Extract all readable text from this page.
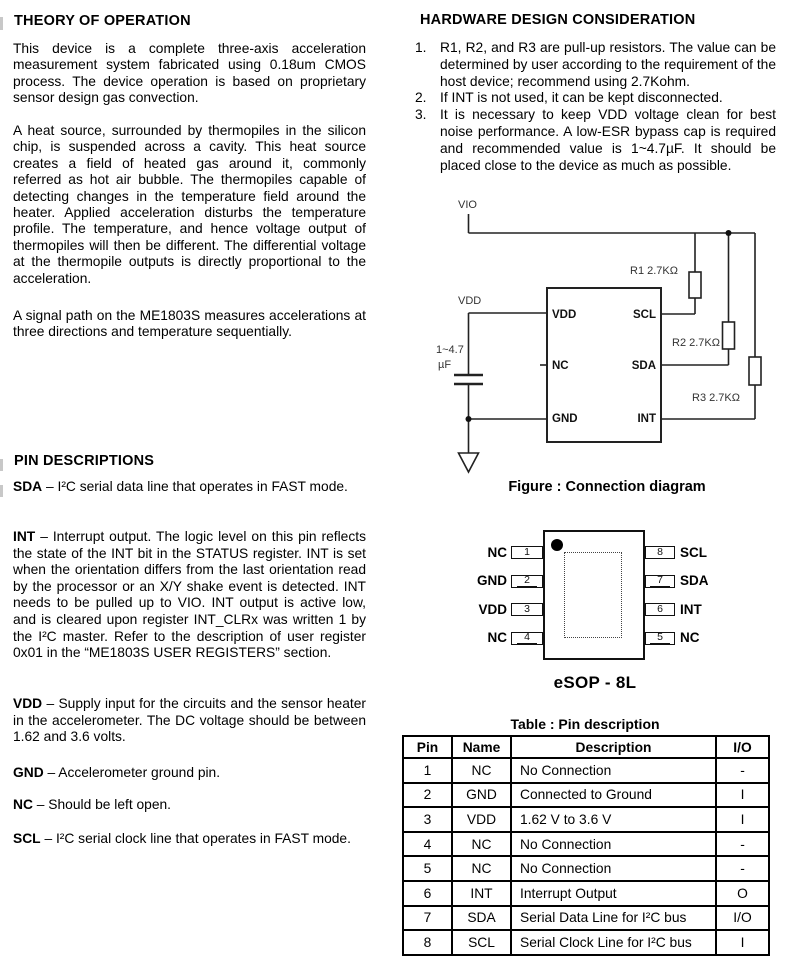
THEORY OF OPERATION

This device is a complete three-axis acceleration measurement system fabricated using 0.18um CMOS process. The device operation is based on proprietary sensor design gas convection.

A heat source, surrounded by thermopiles in the silicon chip, is suspended across a cavity. This heat source creates a field of heated gas around it, commonly referred as hot air bubble. The thermopiles capable of detecting changes in the temperature field around the heater. Applied acceleration disturbs the temperature profile. The temperature, and hence voltage output of thermopiles will then be different. The differential voltage at the thermopile outputs is directly proportional to the acceleration.

A signal path on the ME1803S measures accelerations at three directions and temperature sequentially.

PIN DESCRIPTIONS

SDA – I²C serial data line that operates in FAST mode.

INT – Interrupt output. The logic level on this pin reflects the state of the INT bit in the STATUS register. INT is set when the orientation differs from the last orientation read by the processor or an X/Y shake event is detected. INT needs to be pulled up to VIO. INT output is active low, and is cleared upon register INT_CLRx was written 1 by the I²C master. Refer to the description of user register 0x01 in the “ME1803S USER REGISTERS” section.

VDD – Supply input for the circuits and the sensor heater in the accelerometer. The DC voltage should be between 1.62 and 3.6 volts.

GND – Accelerometer ground pin.

NC – Should be left open.

SCL – I²C serial clock line that operates in FAST mode.

HARDWARE DESIGN CONSIDERATION
1. R1, R2, and R3 are pull-up resistors. The value can be determined by user according to the requirement of the host device; recommend using 2.7Kohm.
2. If INT is not used, it can be kept disconnected.
3. It is necessary to keep VDD voltage clean for best noise performance. A low-ESR bypass cap is required and recommended value is 1~4.7µF. It should be placed close to the device as much as possible.
VIO
VDD
1~4.7
µF
R1 2.7KΩ
R2 2.7KΩ
R3 2.7KΩ
VDD	SCL
NC	SDA
GND	INT
Figure : Connection diagram
1
2
3
4
8
7
6
5
NC
GND
VDD
NC
SCL
SDA
INT
NC
eSOP - 8L
Table : Pin description
Pin	Name	Description	I/O
1	NC	No Connection	-
2	GND	Connected to Ground	I
3	VDD	1.62 V to 3.6 V	I
4	NC	No Connection	-
5	NC	No Connection	-
6	INT	Interrupt Output	O
7	SDA	Serial Data Line for I²C bus	I/O
8	SCL	Serial Clock Line for I²C bus	I
